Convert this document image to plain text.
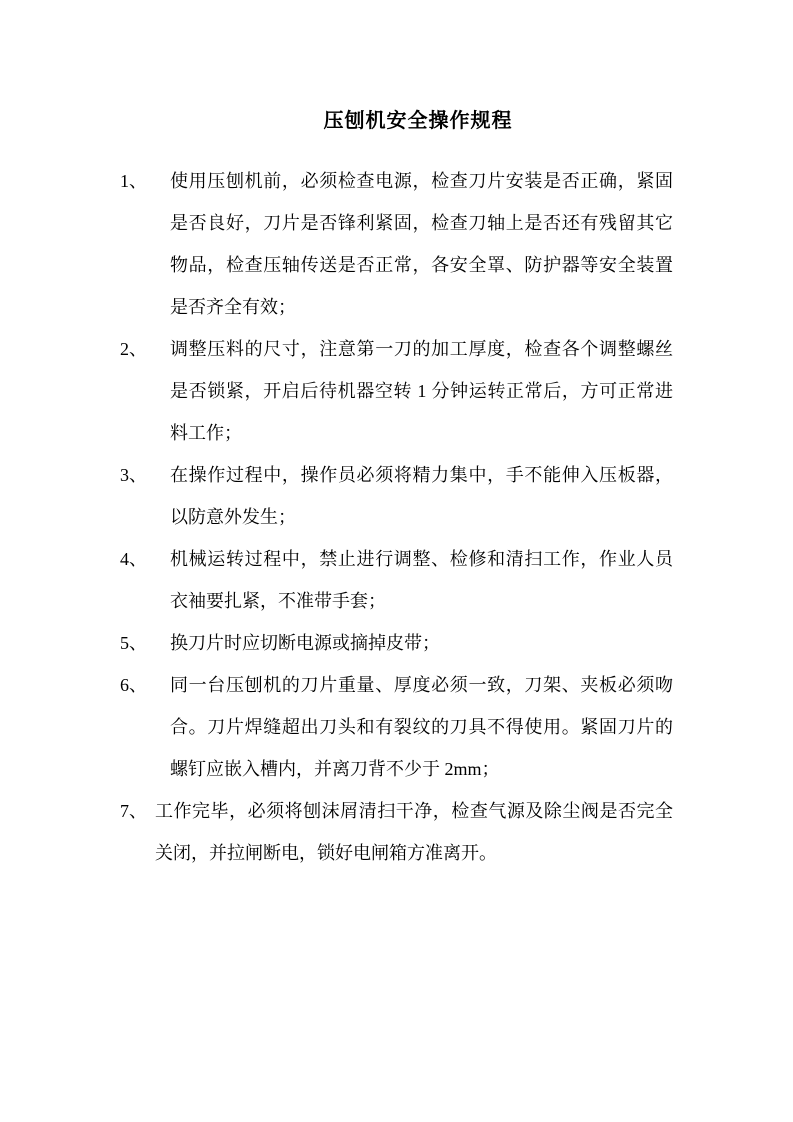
压刨机安全操作规程
1、 使用压刨机前，必须检查电源，检查刀片安装是否正确，紧固
是否良好，刀片是否锋利紧固，检查刀轴上是否还有残留其它
物品，检查压轴传送是否正常，各安全罩、防护器等安全装置
是否齐全有效；
2、 调整压料的尺寸，注意第一刀的加工厚度，检查各个调整螺丝
是否锁紧，开启后待机器空转 1 分钟运转正常后，方可正常进
料工作；
3、 在操作过程中，操作员必须将精力集中，手不能伸入压板器，
以防意外发生；
4、 机械运转过程中，禁止进行调整、检修和清扫工作，作业人员
衣袖要扎紧，不准带手套；
5、 换刀片时应切断电源或摘掉皮带；
6、 同一台压刨机的刀片重量、厚度必须一致，刀架、夹板必须吻
合。刀片焊缝超出刀头和有裂纹的刀具不得使用。紧固刀片的
螺钉应嵌入槽内，并离刀背不少于 2mm；
7、 工作完毕，必须将刨沫屑清扫干净，检查气源及除尘阀是否完全
关闭，并拉闸断电，锁好电闸箱方准离开。
